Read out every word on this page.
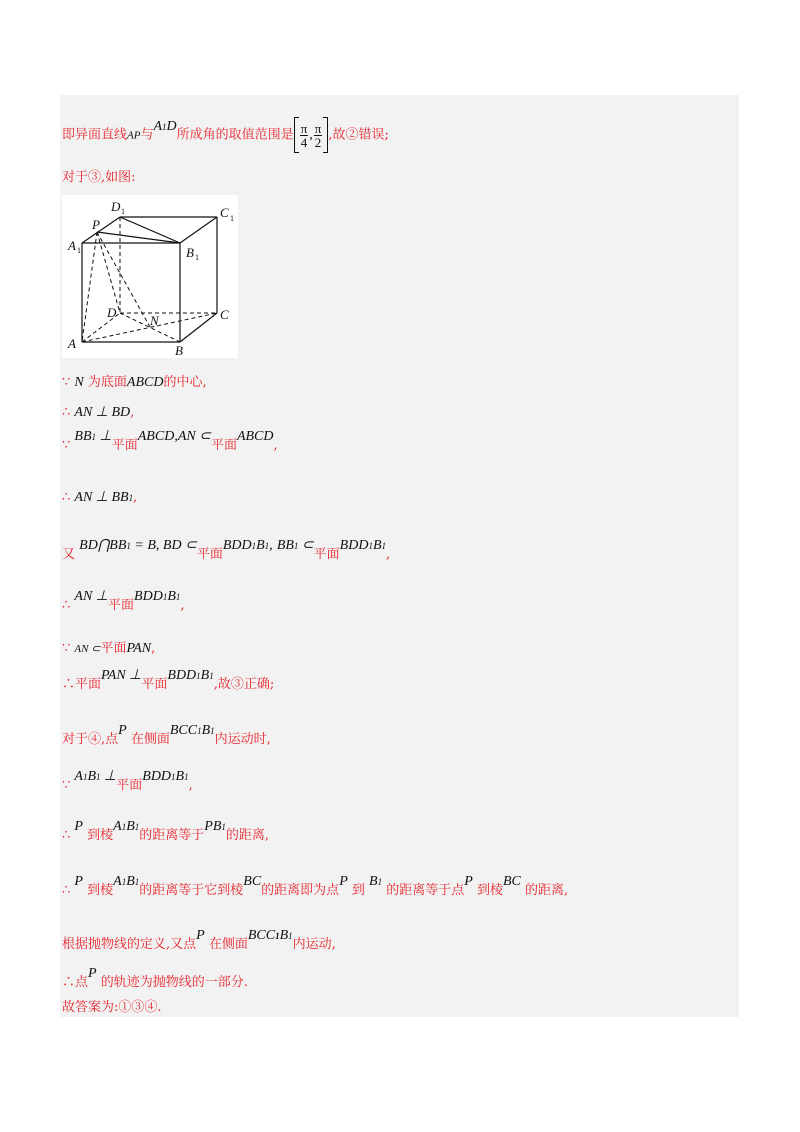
即异面直线AP与A1D所成角的取值范围是 $\frac{\pi}{4}$ , $\frac{\pi}{2}$ ,故②错误;
对于③,如图:
A 1
P
D 1	C 1
B 1
D
N	C
A	B
∵ N 为底面ABCD的中心,
∴ AN ⊥ BD,
∵ BB1 ⊥平面ABCD,AN ⊂平面ABCD,
∴ AN ⊥ BB1,
又 BD⋂BB1 = B, BD ⊂平面BDD1B1, BB1 ⊂平面BDD1B1,
∴ AN ⊥平面BDD1B1,
∵ AN ⊂平面PAN,
∴平面PAN ⊥平面BDD1B1,故③正确;
对于④,点P 在侧面BCC1B1内运动时,
∵ A1B1 ⊥平面BDD1B1,
∴ P 到棱A1B1的距离等于PB1的距离,
∴ P 到棱A1B1的距离等于它到棱BC的距离即为点P 到 B1 的距离等于点P 到棱BC 的距离,
根据抛物线的定义,又点P 在侧面BCC1B1内运动,
∴点P 的轨迹为抛物线的一部分.
故答案为:①③④.
